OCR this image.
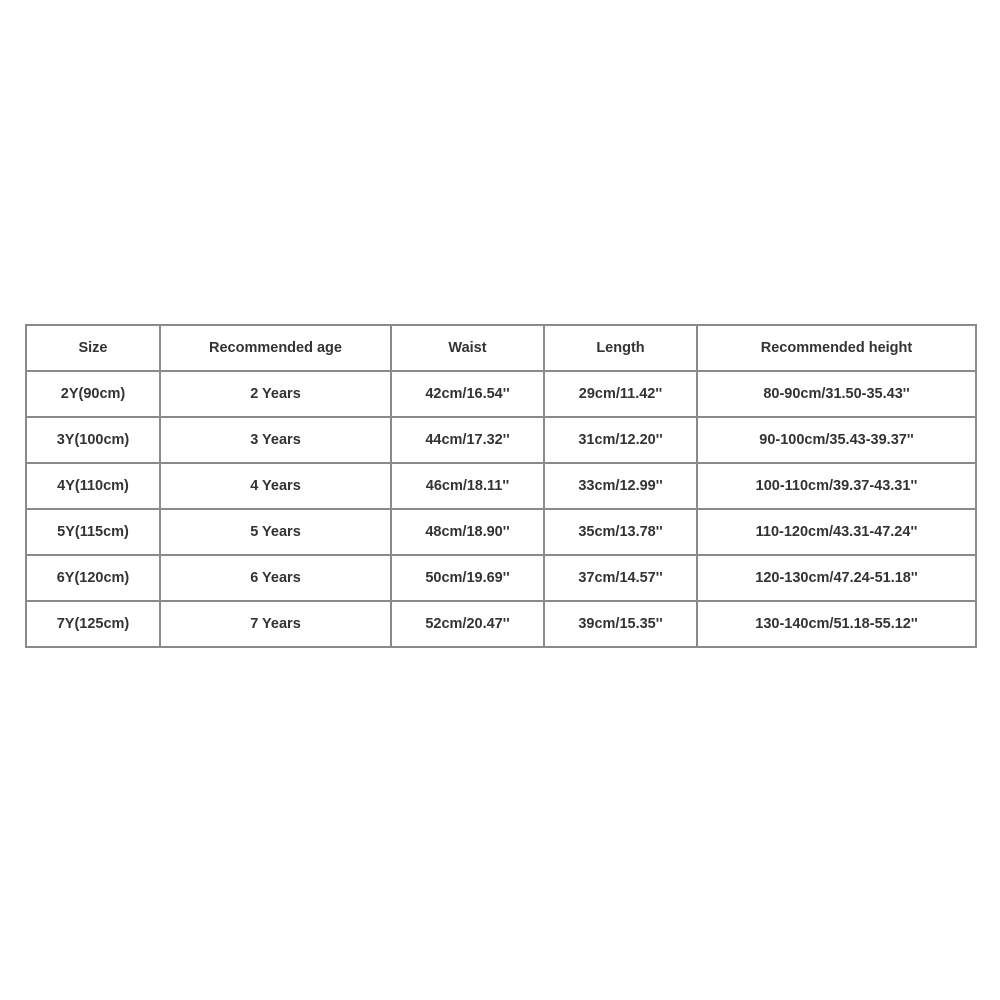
Size	Recommended age	Waist	Length	Recommended height
2Y(90cm)	2 Years	42cm/16.54''	29cm/11.42''	80-90cm/31.50-35.43''
3Y(100cm)	3 Years	44cm/17.32''	31cm/12.20''	90-100cm/35.43-39.37''
4Y(110cm)	4 Years	46cm/18.11''	33cm/12.99''	100-110cm/39.37-43.31''
5Y(115cm)	5 Years	48cm/18.90''	35cm/13.78''	110-120cm/43.31-47.24''
6Y(120cm)	6 Years	50cm/19.69''	37cm/14.57''	120-130cm/47.24-51.18''
7Y(125cm)	7 Years	52cm/20.47''	39cm/15.35''	130-140cm/51.18-55.12''
